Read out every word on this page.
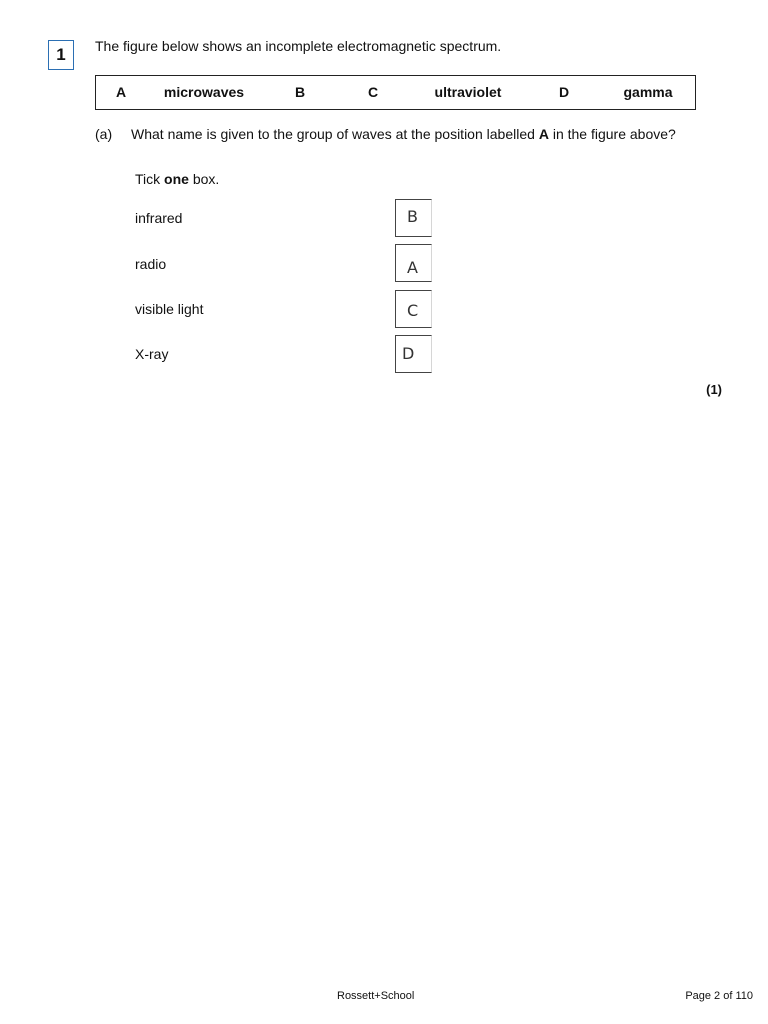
1	The figure below shows an incomplete electromagnetic spectrum.
A	microwaves	B	C	ultraviolet	D	gamma
(a) What name is given to the group of waves at the position labelled A in the figure above?
Tick one box.
infrared	B
radio	A
visible light	C
X-ray	D
(1)
Rossett+School	Page 2 of 110
